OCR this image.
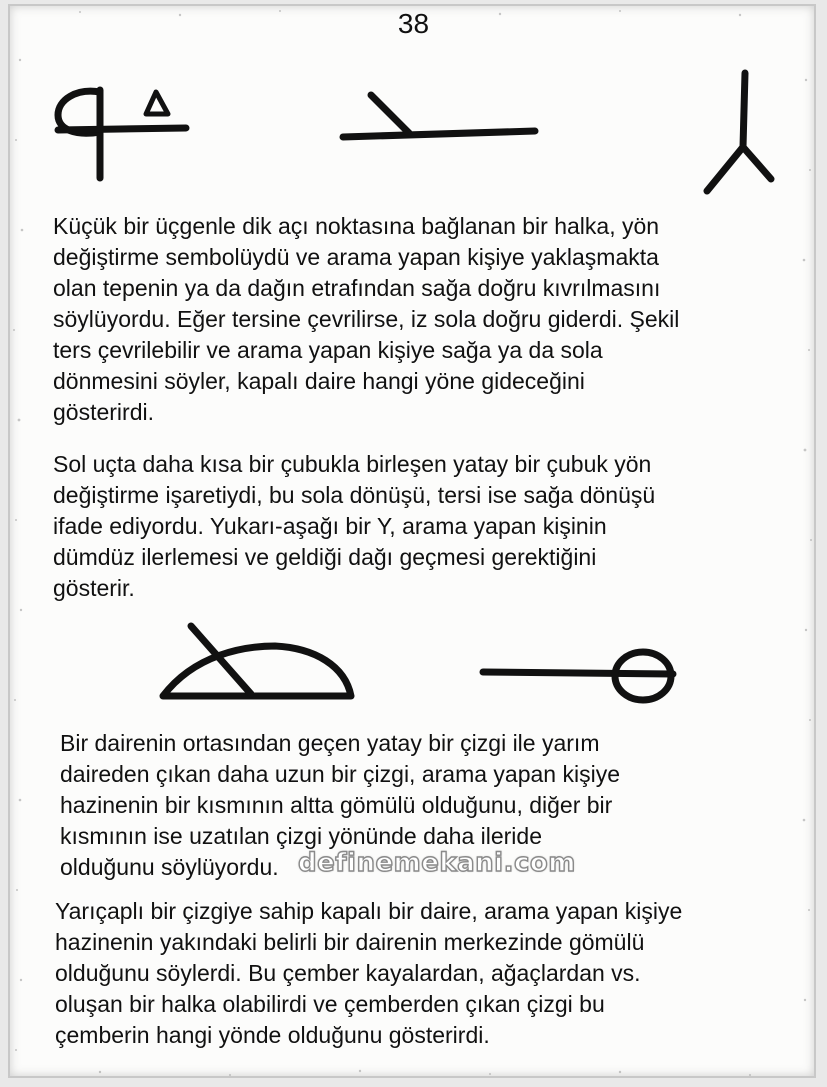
38
Küçük bir üçgenle dik açı noktasına bağlanan bir halka, yön
değiştirme sembolüydü ve arama yapan kişiye yaklaşmakta
olan tepenin ya da dağın etrafından sağa doğru kıvrılmasını
söylüyordu. Eğer tersine çevrilirse, iz sola doğru giderdi. Şekil
ters çevrilebilir ve arama yapan kişiye sağa ya da sola
dönmesini söyler, kapalı daire hangi yöne gideceğini
gösterirdi.
Sol uçta daha kısa bir çubukla birleşen yatay bir çubuk yön
değiştirme işaretiydi, bu sola dönüşü, tersi ise sağa dönüşü
ifade ediyordu. Yukarı-aşağı bir Y, arama yapan kişinin
dümdüz ilerlemesi ve geldiği dağı geçmesi gerektiğini
gösterir.
Bir dairenin ortasından geçen yatay bir çizgi ile yarım
daireden çıkan daha uzun bir çizgi, arama yapan kişiye
hazinenin bir kısmının altta gömülü olduğunu, diğer bir
kısmının ise uzatılan çizgi yönünde daha ileride
olduğunu söylüyordu. definemekani.com
Yarıçaplı bir çizgiye sahip kapalı bir daire, arama yapan kişiye
hazinenin yakındaki belirli bir dairenin merkezinde gömülü
olduğunu söylerdi. Bu çember kayalardan, ağaçlardan vs.
oluşan bir halka olabilirdi ve çemberden çıkan çizgi bu
çemberin hangi yönde olduğunu gösterirdi.
